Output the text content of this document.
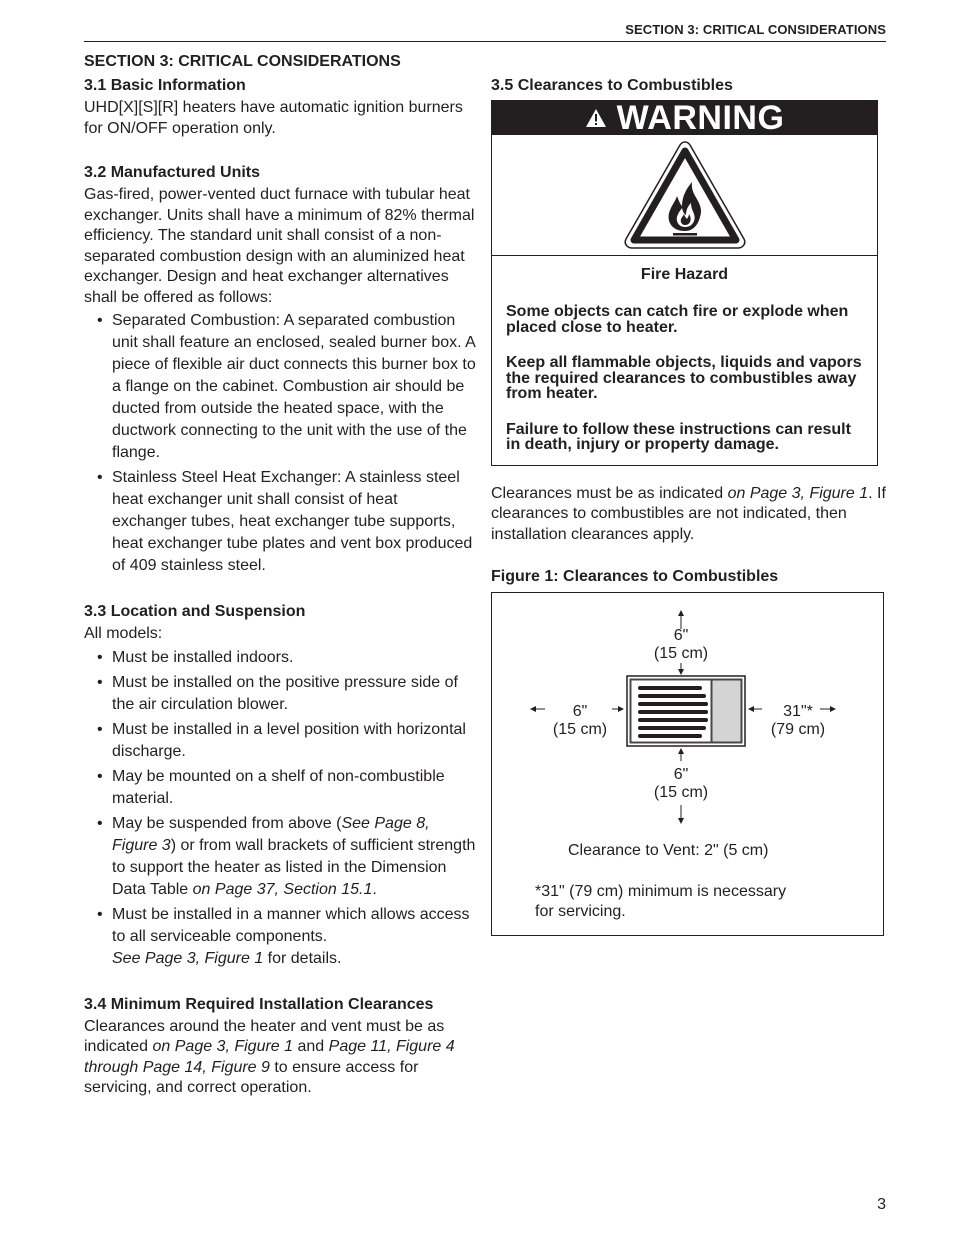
SECTION 3: CRITICAL CONSIDERATIONS
SECTION 3: CRITICAL CONSIDERATIONS
3.1 Basic Information

UHD[X][S][R] heaters have automatic ignition burners for ON/OFF operation only.

3.2 Manufactured Units

Gas-fired, power-vented duct furnace with tubular heat exchanger. Units shall have a minimum of 82% thermal efficiency. The standard unit shall consist of a non-separated combustion design with an aluminized heat exchanger. Design and heat exchanger alternatives shall be offered as follows:

• Separated Combustion: A separated combustion unit shall feature an enclosed, sealed burner box. A piece of flexible air duct connects this burner box to a flange on the cabinet. Combustion air should be ducted from outside the heated space, with the ductwork connecting to the unit with the use of the flange.
• Stainless Steel Heat Exchanger: A stainless steel heat exchanger unit shall consist of heat exchanger tubes, heat exchanger tube supports, heat exchanger tube plates and vent box produced of 409 stainless steel.
3.3 Location and Suspension

All models:

• Must be installed indoors.
• Must be installed on the positive pressure side of the air circulation blower.
• Must be installed in a level position with horizontal discharge.
• May be mounted on a shelf of non-combustible material.
• May be suspended from above (See Page 8, Figure 3) or from wall brackets of sufficient strength to support the heater as listed in the Dimension Data Table on Page 37, Section 15.1.
• Must be installed in a manner which allows access to all serviceable components.
See Page 3, Figure 1 for details.
3.4 Minimum Required Installation Clearances

Clearances around the heater and vent must be as indicated on Page 3, Figure 1 and Page 11, Figure 4 through Page 14, Figure 9 to ensure access for servicing, and correct operation.

3.5 Clearances to Combustibles
WARNING
Fire Hazard

Some objects can catch fire or explode when placed close to heater.

Keep all flammable objects, liquids and vapors the required clearances to combustibles away from heater.

Failure to follow these instructions can result in death, injury or property damage.

Clearances must be as indicated on Page 3, Figure 1. If clearances to combustibles are not indicated, then installation clearances apply.

Figure 1: Clearances to Combustibles
6"
(15 cm)
6"
(15 cm)
31"*
(79 cm)
6"
(15 cm)
Clearance to Vent: 2" (5 cm)
*31" (79 cm) minimum is necessary
for servicing.
3
